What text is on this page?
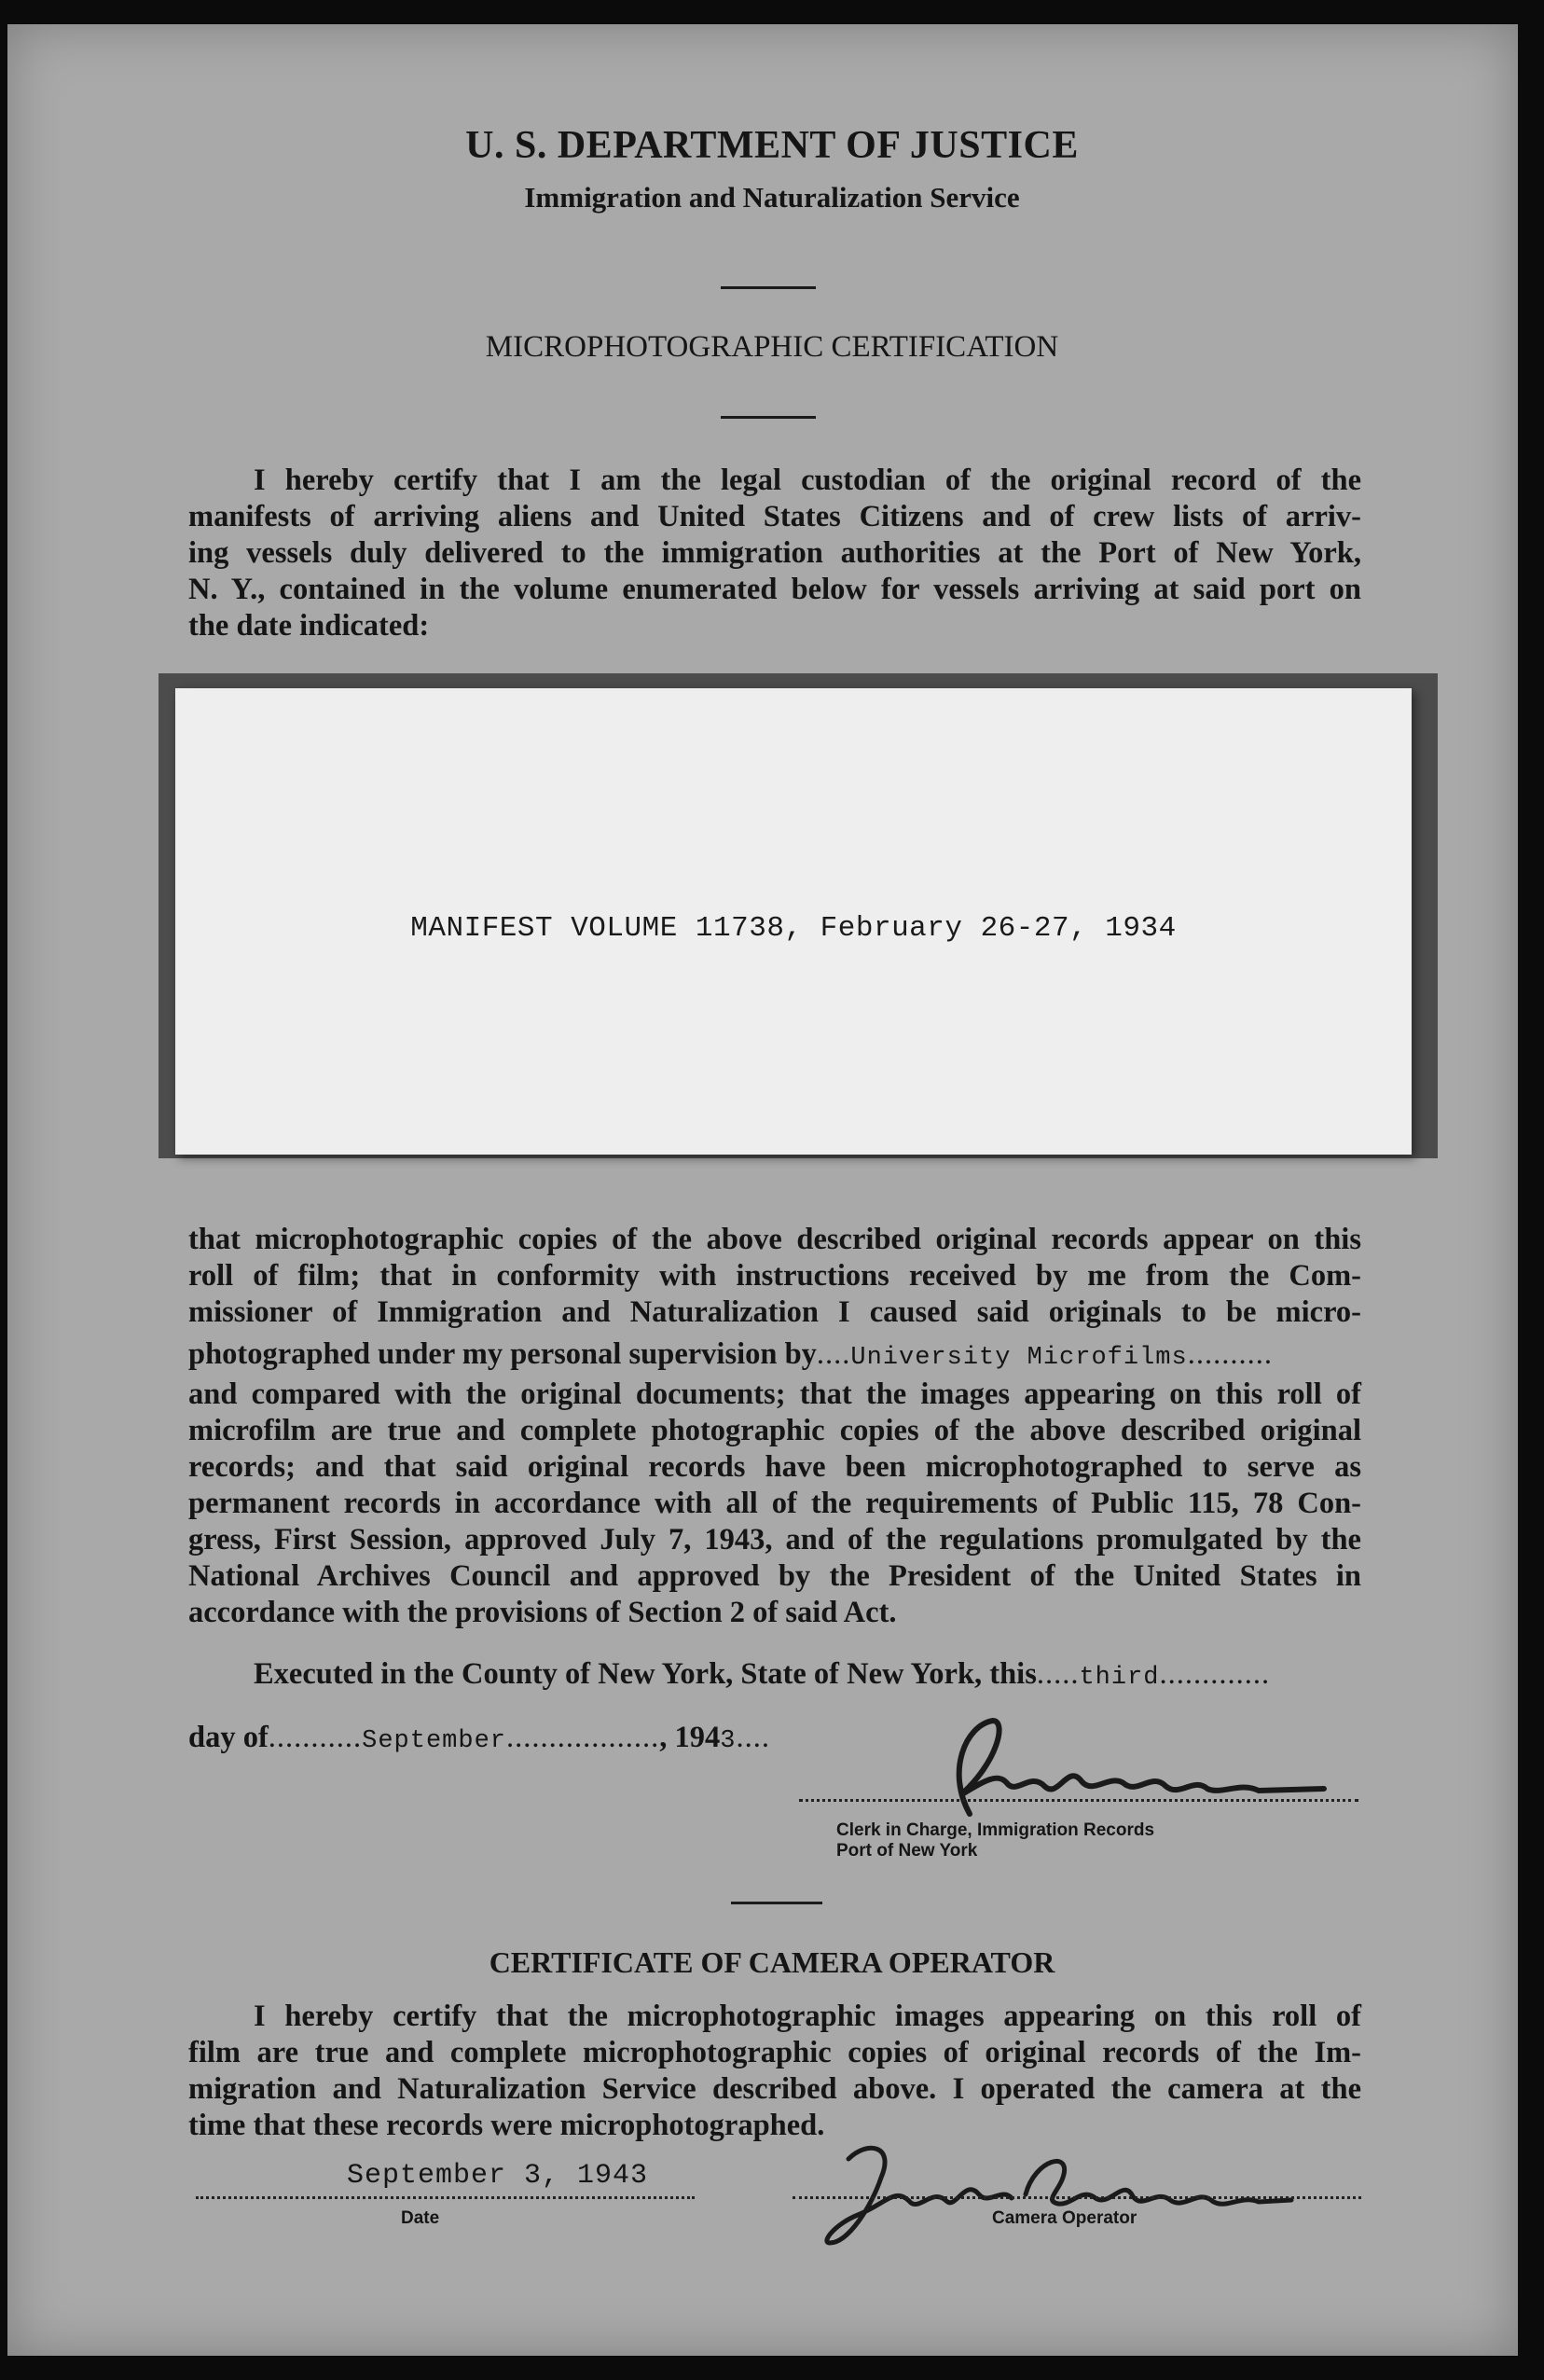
U. S. DEPARTMENT OF JUSTICE
Immigration and Naturalization Service
MICROPHOTOGRAPHIC CERTIFICATION
I hereby certify that I am the legal custodian of the original record of the
manifests of arriving aliens and United States Citizens and of crew lists of arriv-
ing vessels duly delivered to the immigration authorities at the Port of New York,
N. Y., contained in the volume enumerated below for vessels arriving at said port on
the date indicated:
MANIFEST VOLUME 11738, February 26-27, 1934
that microphotographic copies of the above described original records appear on this
roll of film; that in conformity with instructions received by me from the Com-
missioner of Immigration and Naturalization I caused said originals to be micro-
photographed under my personal supervision by....University Microfilms..........
and compared with the original documents; that the images appearing on this roll of
microfilm are true and complete photographic copies of the above described original
records; and that said original records have been microphotographed to serve as
permanent records in accordance with all of the requirements of Public 115, 78 Con-
gress, First Session, approved July 7, 1943, and of the regulations promulgated by the
National Archives Council and approved by the President of the United States in
accordance with the provisions of Section 2 of said Act.
Executed in the County of New York, State of New York, this.....third.............
day of...........September.................., 1943....
Clerk in Charge, Immigration Records
Port of New York
CERTIFICATE OF CAMERA OPERATOR
I hereby certify that the microphotographic images appearing on this roll of
film are true and complete microphotographic copies of original records of the Im-
migration and Naturalization Service described above. I operated the camera at the
time that these records were microphotographed.
September 3, 1943
Date	Camera Operator
